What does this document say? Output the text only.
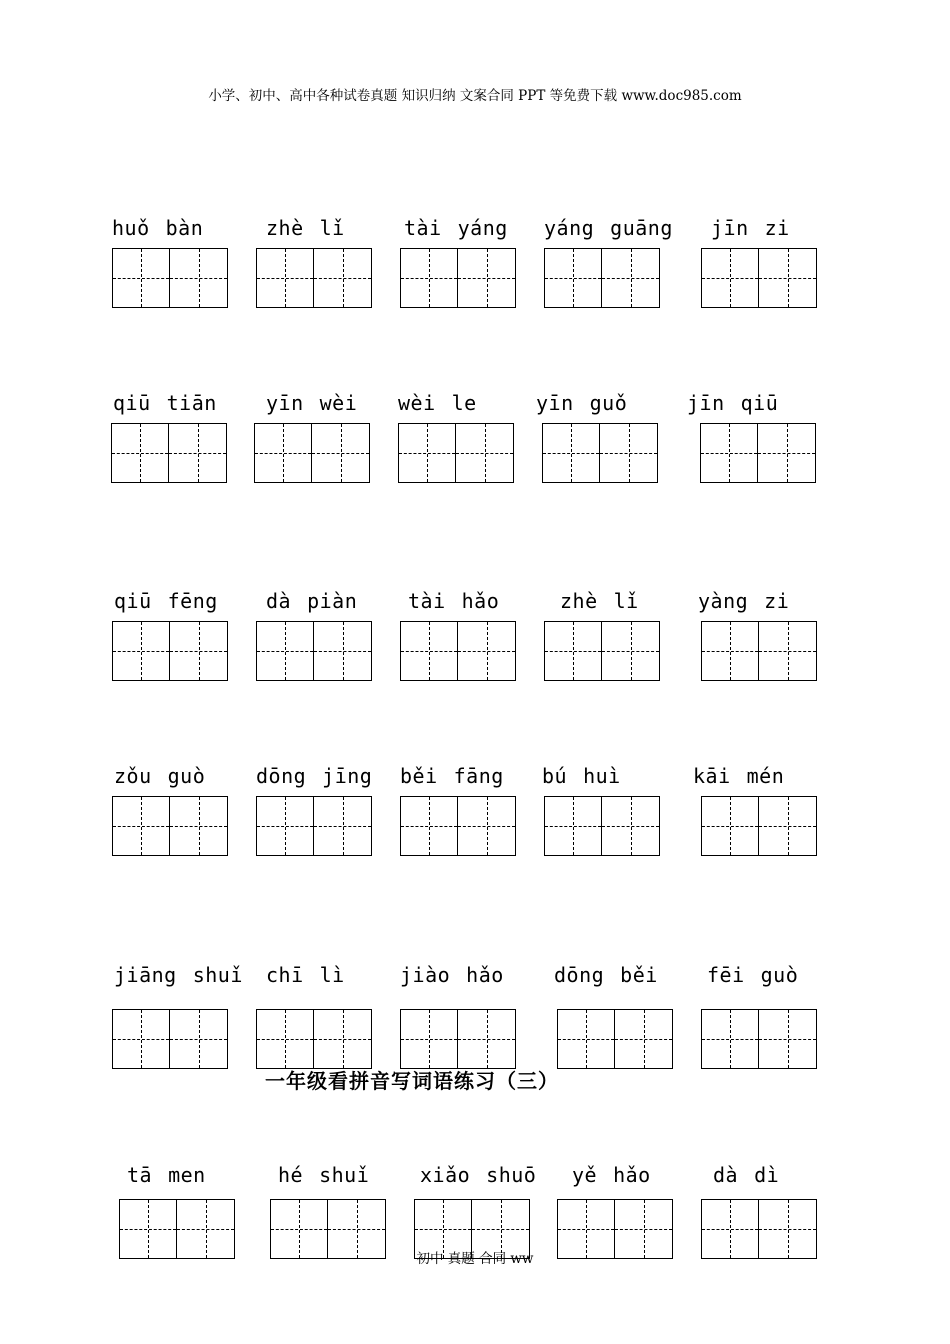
小学、初中、高中各种试卷真题 知识归纳 文案合同 PPT 等免费下载 www.doc985.com
huǒ bàn	zhè lǐ	tài yáng	yáng guāng	jīn zi
qiū tiān	yīn wèi	wèi le	yīn guǒ	jīn qiū
qiū fēng	dà piàn	tài hǎo	zhè lǐ	yàng zi
zǒu guò	dōng jīng	běi fāng	bú huì	kāi mén
jiāng shuǐ	chī lì	jiào hǎo	dōng běi	fēi guò
tā men	hé shuǐ	xiǎo shuō	yě hǎo	dà dì
一年级看拼音写词语练习（三）
初中 真题 合同 ww
